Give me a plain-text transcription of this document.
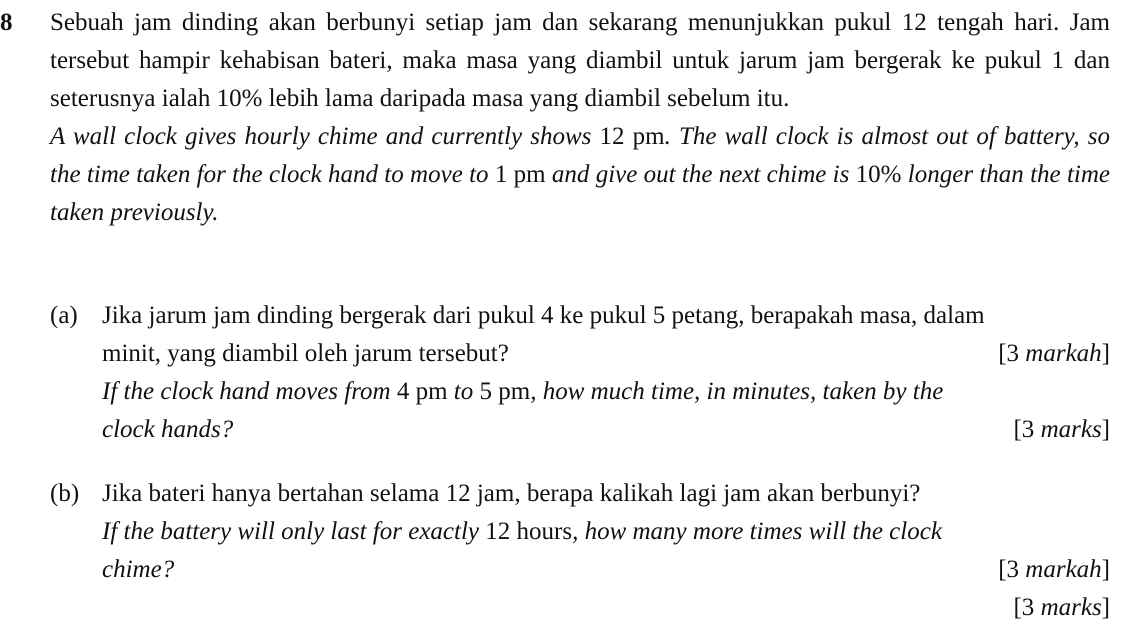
8 Sebuah jam dinding akan berbunyi setiap jam dan sekarang menunjukkan pukul 12 tengah hari. Jam tersebut hampir kehabisan bateri, maka masa yang diambil untuk jarum jam bergerak ke pukul 1 dan seterusnya ialah 10% lebih lama daripada masa yang diambil sebelum itu.

A wall clock gives hourly chime and currently shows 12 pm. The wall clock is almost out of battery, so the time taken for the clock hand to move to 1 pm and give out the next chime is 10% longer than the time taken previously.

(a) Jika jarum jam dinding bergerak dari pukul 4 ke pukul 5 petang, berapakah masa, dalam
minit, yang diambil oleh jarum tersebut?	[3 markah]
If the clock hand moves from 4 pm to 5 pm, how much time, in minutes, taken by the
clock hands?	[3 marks]
(b) Jika bateri hanya bertahan selama 12 jam, berapa kalikah lagi jam akan berbunyi?
If the battery will only last for exactly 12 hours, how many more times will the clock
chime?	[3 markah]
[3 marks]
